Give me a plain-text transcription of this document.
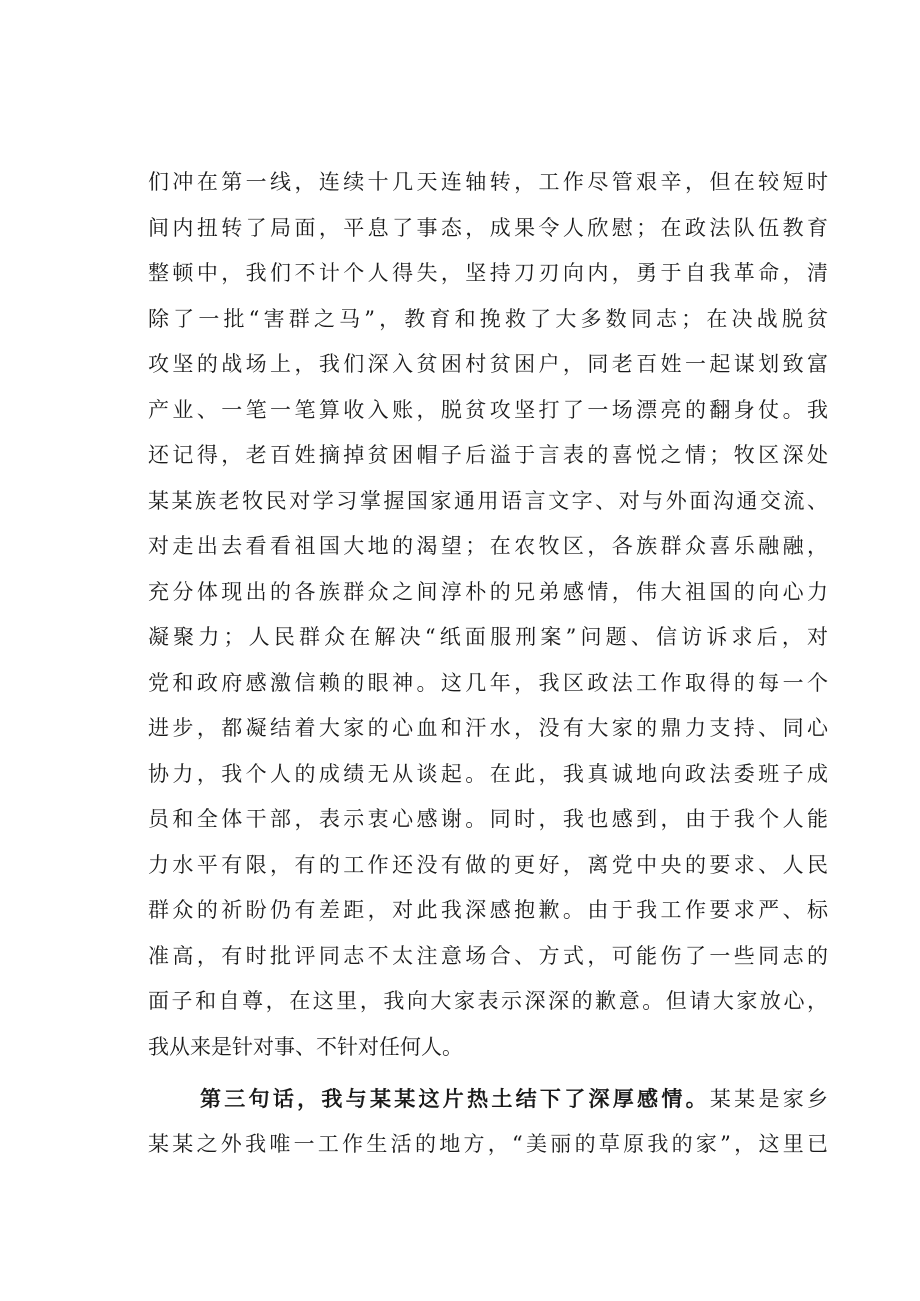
们冲在第一线，连续十几天连轴转，工作尽管艰辛，但在较短时
间内扭转了局面，平息了事态，成果令人欣慰；在政法队伍教育
整顿中，我们不计个人得失，坚持刀刃向内，勇于自我革命，清
除了一批“害群之马”，教育和挽救了大多数同志；在决战脱贫
攻坚的战场上，我们深入贫困村贫困户，同老百姓一起谋划致富
产业、一笔一笔算收入账，脱贫攻坚打了一场漂亮的翻身仗。我
还记得，老百姓摘掉贫困帽子后溢于言表的喜悦之情；牧区深处
某某族老牧民对学习掌握国家通用语言文字、对与外面沟通交流、
对走出去看看祖国大地的渴望；在农牧区，各族群众喜乐融融，
充分体现出的各族群众之间淳朴的兄弟感情，伟大祖国的向心力
凝聚力；人民群众在解决“纸面服刑案”问题、信访诉求后，对
党和政府感激信赖的眼神。这几年，我区政法工作取得的每一个
进步，都凝结着大家的心血和汗水，没有大家的鼎力支持、同心
协力，我个人的成绩无从谈起。在此，我真诚地向政法委班子成
员和全体干部，表示衷心感谢。同时，我也感到，由于我个人能
力水平有限，有的工作还没有做的更好，离党中央的要求、人民
群众的祈盼仍有差距，对此我深感抱歉。由于我工作要求严、标
准高，有时批评同志不太注意场合、方式，可能伤了一些同志的
面子和自尊，在这里，我向大家表示深深的歉意。但请大家放心，
我从来是针对事、不针对任何人。
第三句话，我与某某这片热土结下了深厚感情。某某是家乡
某某之外我唯一工作生活的地方，“美丽的草原我的家”，这里已
